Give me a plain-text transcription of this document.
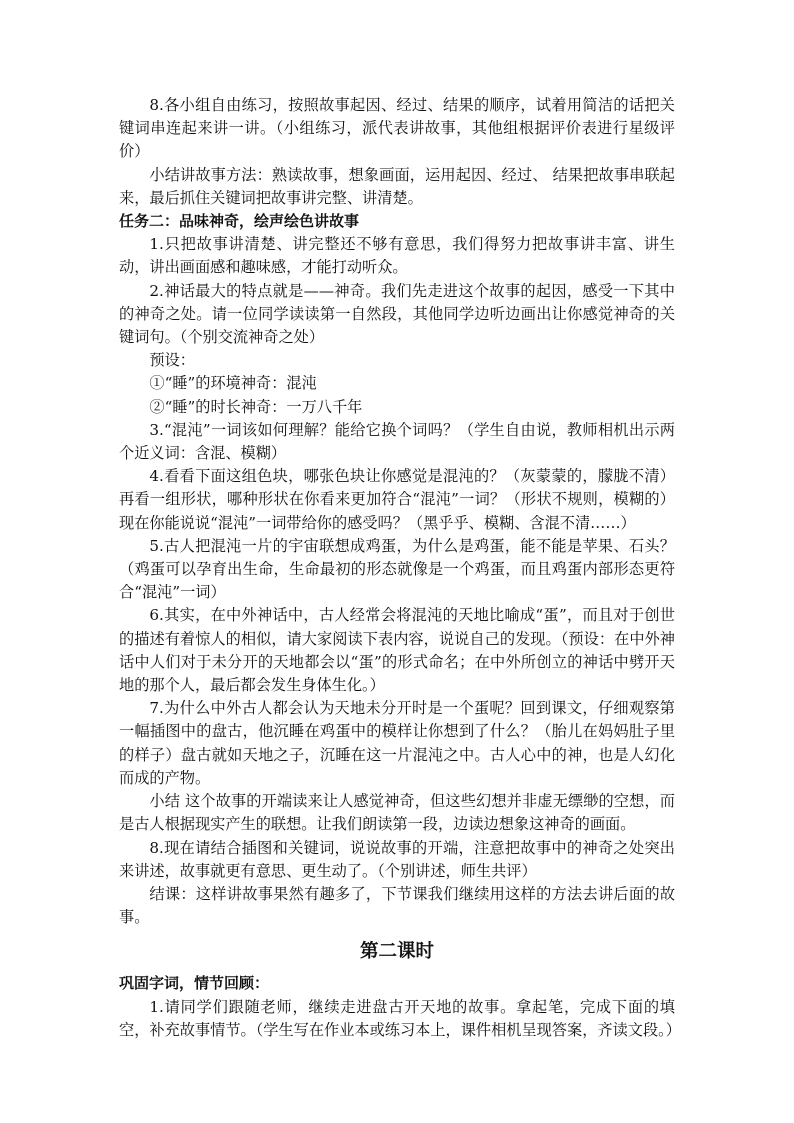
8.各小组自由练习，按照故事起因、经过、结果的顺序，试着用简洁的话把关键词串连起来讲一讲。（小组练习，派代表讲故事，其他组根据评价表进行星级评价）

小结讲故事方法：熟读故事，想象画面，运用起因、经过、 结果把故事串联起来，最后抓住关键词把故事讲完整、讲清楚。

任务二：品味神奇，绘声绘色讲故事

1.只把故事讲清楚、讲完整还不够有意思，我们得努力把故事讲丰富、讲生动，讲出画面感和趣味感，才能打动听众。

2.神话最大的特点就是——神奇。我们先走进这个故事的起因，感受一下其中的神奇之处。请一位同学读读第一自然段，其他同学边听边画出让你感觉神奇的关键词句。（个别交流神奇之处）

预设：

①“睡”的环境神奇：混沌

②“睡”的时长神奇：一万八千年

3.“混沌”一词该如何理解？能给它换个词吗？（学生自由说，教师相机出示两个近义词：含混、模糊）

4.看看下面这组色块，哪张色块让你感觉是混沌的？（灰蒙蒙的，朦胧不清）再看一组形状，哪种形状在你看来更加符合“混沌”一词？（形状不规则，模糊的）现在你能说说“混沌”一词带给你的感受吗？（黑乎乎、模糊、含混不清……）

5.古人把混沌一片的宇宙联想成鸡蛋，为什么是鸡蛋，能不能是苹果、石头？（鸡蛋可以孕育出生命，生命最初的形态就像是一个鸡蛋，而且鸡蛋内部形态更符合“混沌”一词）

6.其实，在中外神话中，古人经常会将混沌的天地比喻成“蛋”，而且对于创世的描述有着惊人的相似，请大家阅读下表内容，说说自己的发现。（预设：在中外神话中人们对于未分开的天地都会以“蛋”的形式命名；在中外所创立的神话中劈开天地的那个人，最后都会发生身体生化。）

7.为什么中外古人都会认为天地未分开时是一个蛋呢？回到课文，仔细观察第一幅插图中的盘古，他沉睡在鸡蛋中的模样让你想到了什么？（胎儿在妈妈肚子里的样子）盘古就如天地之子，沉睡在这一片混沌之中。古人心中的神，也是人幻化而成的产物。

小结 这个故事的开端读来让人感觉神奇，但这些幻想并非虚无缥缈的空想，而是古人根据现实产生的联想。让我们朗读第一段，边读边想象这神奇的画面。

8.现在请结合插图和关键词，说说故事的开端，注意把故事中的神奇之处突出来讲述，故事就更有意思、更生动了。（个别讲述，师生共评）

结课：这样讲故事果然有趣多了，下节课我们继续用这样的方法去讲后面的故事。

第二课时

巩固字词，情节回顾：

1.请同学们跟随老师，继续走进盘古开天地的故事。拿起笔，完成下面的填空，补充故事情节。（学生写在作业本或练习本上，课件相机呈现答案，齐读文段。）
